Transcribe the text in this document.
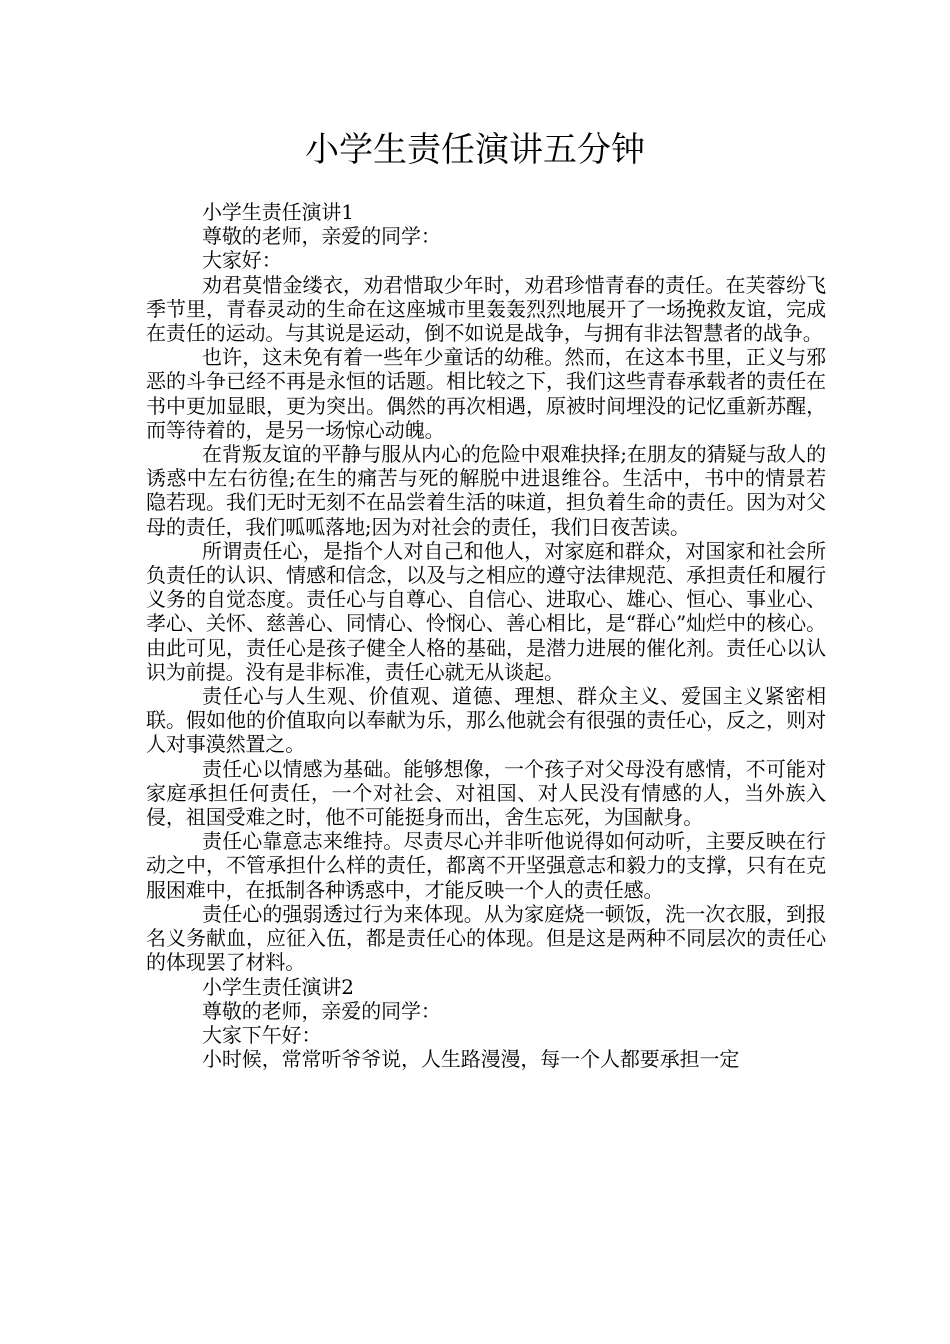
小学生责任演讲五分钟

小学生责任演讲1

尊敬的老师，亲爱的同学：

大家好：

劝君莫惜金缕衣，劝君惜取少年时，劝君珍惜青春的责任。在芙蓉纷飞季节里，青春灵动的生命在这座城市里轰轰烈烈地展开了一场挽救友谊，完成在责任的运动。与其说是运动，倒不如说是战争，与拥有非法智慧者的战争。

也许，这未免有着一些年少童话的幼稚。然而，在这本书里，正义与邪恶的斗争已经不再是永恒的话题。相比较之下，我们这些青春承载者的责任在书中更加显眼，更为突出。偶然的再次相遇，原被时间埋没的记忆重新苏醒，而等待着的，是另一场惊心动魄。

在背叛友谊的平静与服从内心的危险中艰难抉择;在朋友的猜疑与敌人的诱惑中左右彷徨;在生的痛苦与死的解脱中进退维谷。生活中，书中的情景若隐若现。我们无时无刻不在品尝着生活的味道，担负着生命的责任。因为对父母的责任，我们呱呱落地;因为对社会的责任，我们日夜苦读。

所谓责任心，是指个人对自己和他人，对家庭和群众，对国家和社会所负责任的认识、情感和信念，以及与之相应的遵守法律规范、承担责任和履行义务的自觉态度。责任心与自尊心、自信心、进取心、雄心、恒心、事业心、孝心、关怀、慈善心、同情心、怜悯心、善心相比，是“群心”灿烂中的核心。由此可见，责任心是孩子健全人格的基础，是潜力进展的催化剂。责任心以认识为前提。没有是非标准，责任心就无从谈起。

责任心与人生观、价值观、道德、理想、群众主义、爱国主义紧密相联。假如他的价值取向以奉献为乐，那么他就会有很强的责任心，反之，则对人对事漠然置之。

责任心以情感为基础。能够想像，一个孩子对父母没有感情，不可能对家庭承担任何责任，一个对社会、对祖国、对人民没有情感的人，当外族入侵，祖国受难之时，他不可能挺身而出，舍生忘死，为国献身。

责任心靠意志来维持。尽责尽心并非听他说得如何动听，主要反映在行动之中，不管承担什么样的责任，都离不开坚强意志和毅力的支撑，只有在克服困难中，在抵制各种诱惑中，才能反映一个人的责任感。

责任心的强弱透过行为来体现。从为家庭烧一顿饭，洗一次衣服，到报名义务献血，应征入伍，都是责任心的体现。但是这是两种不同层次的责任心的体现罢了材料。

小学生责任演讲2

尊敬的老师，亲爱的同学：

大家下午好：

小时候，常常听爷爷说，人生路漫漫，每一个人都要承担一定
